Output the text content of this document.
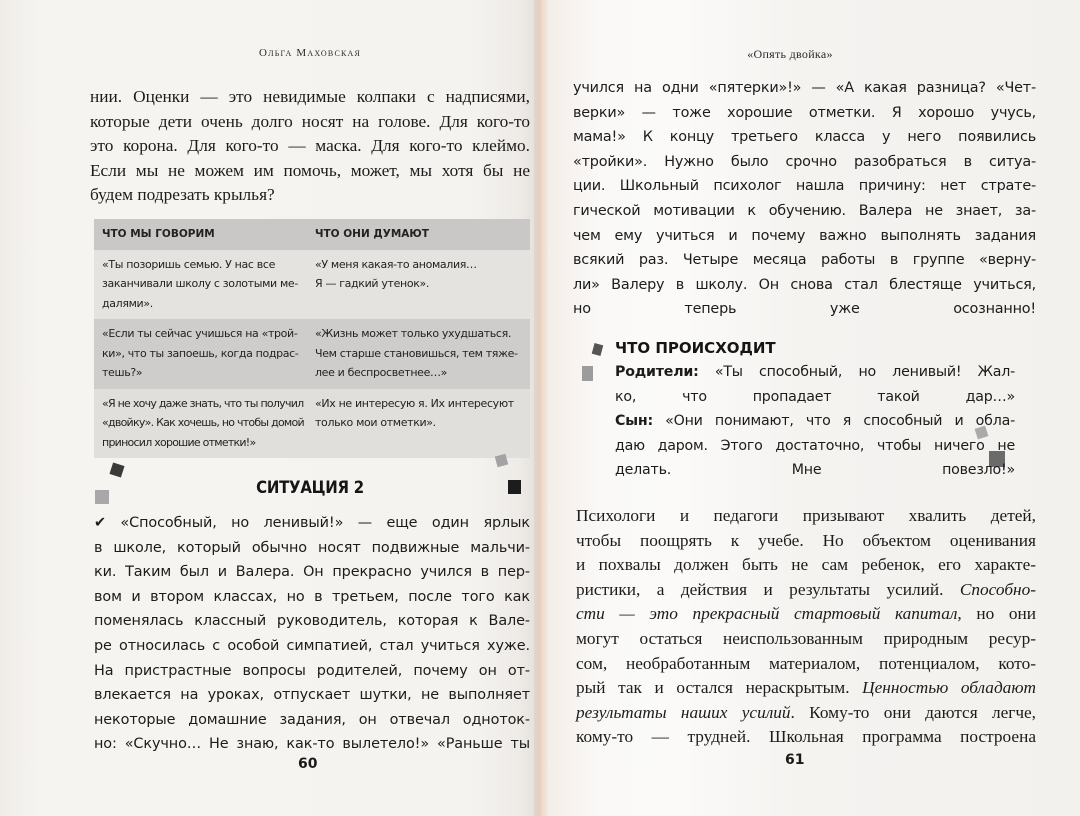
Ольга Маховская
нии. Оценки — это невидимые колпаки с надписями,
которые дети очень долго носят на голове. Для кого-то
это корона. Для кого-то — маска. Для кого-то клеймо.
Если мы не можем им помочь, может, мы хотя бы не
будем подрезать крылья?
ЧТО МЫ ГОВОРИМ	ЧТО ОНИ ДУМАЮТ
«Ты позоришь семью. У нас все
заканчивали школу с золотыми ме-
далями».
«У меня какая-то аномалия…
Я — гадкий утенок».
«Если ты сейчас учишься на «трой-
ки», что ты запоешь, когда подрас-
тешь?»
«Жизнь может только ухудшаться.
Чем старше становишься, тем тяже-
лее и беспросветнее…»
«Я не хочу даже знать, что ты получил
«двойку». Как хочешь, но чтобы домой
приносил хорошие отметки!»
«Их не интересую я. Их интересуют
только мои отметки».
СИТУАЦИЯ 2
✔ «Способный, но ленивый!» — еще один ярлык
в школе, который обычно носят подвижные мальчи-
ки. Таким был и Валера. Он прекрасно учился в пер-
вом и втором классах, но в третьем, после того как
поменялась классный руководитель, которая к Вале-
ре относилась с особой симпатией, стал учиться хуже.
На пристрастные вопросы родителей, почему он от-
влекается на уроках, отпускает шутки, не выполняет
некоторые домашние задания, он отвечал одноток-
но: «Скучно… Не знаю, как-то вылетело!» «Раньше ты
60
«Опять двойка»
учился на одни «пятерки»!» — «А какая разница? «Чет-
верки» — тоже хорошие отметки. Я хорошо учусь,
мама!» К концу третьего класса у него появились
«тройки». Нужно было срочно разобраться в ситуа-
ции. Школьный психолог нашла причину: нет страте-
гической мотивации к обучению. Валера не знает, за-
чем ему учиться и почему важно выполнять задания
всякий раз. Четыре месяца работы в группе «верну-
ли» Валеру в школу. Он снова стал блестяще учиться,
но теперь уже осознанно!
ЧТО ПРОИСХОДИТ
Родители: «Ты способный, но ленивый! Жал-
ко, что пропадает такой дар…»
Сын: «Они понимают, что я способный и обла-
даю даром. Этого достаточно, чтобы ничего не
делать. Мне повезло!»
Психологи и педагоги призывают хвалить детей,
чтобы поощрять к учебе. Но объектом оценивания
и похвалы должен быть не сам ребенок, его характе-
ристики, а действия и результаты усилий. Способно-
сти — это прекрасный стартовый капитал, но они
могут остаться неиспользованным природным ресур-
сом, необработанным материалом, потенциалом, кото-
рый так и остался нераскрытым. Ценностью обладают
результаты наших усилий. Кому-то они даются легче,
кому-то — трудней. Школьная программа построена
61
